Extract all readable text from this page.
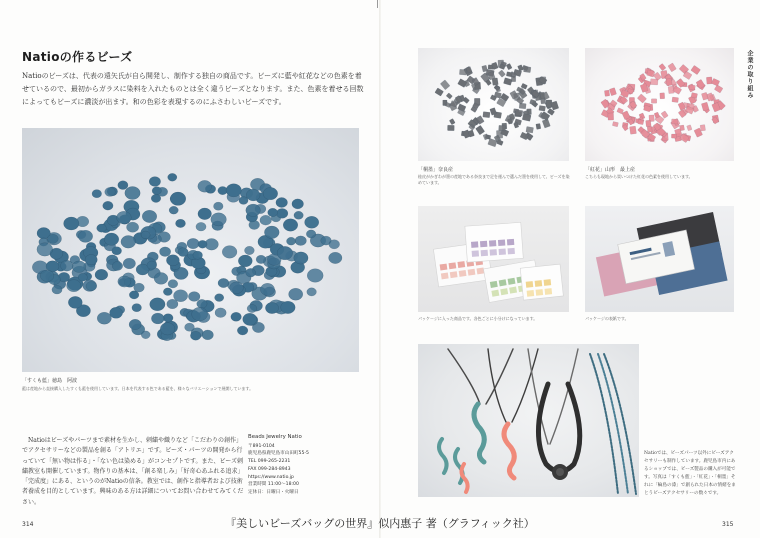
Natioの作るビーズ

Natioのビーズは、代表の遠矢氏が自ら開発し、制作する独自の商品です。ビーズに藍や紅花などの色素を着せているので、最初からガラスに染料を入れたものとは全く違うビーズとなります。また、色素を着せる回数によってもビーズに濃淡が出ます。和の色彩を表現するのにふさわしいビーズです。

「すくも藍」徳島　阿波
藍は産地から直接購入したすくも藍を使用しています。日本を代表する色である藍を、様々なバリエーションで展開しています。

Natioはビーズやパーツまで素材を生かし、刺繍や織りなど「こだわりの創作」でアクセサリーなどの製品を創る「アトリエ」です。ビーズ・パーツの開発から行っていて「無い物は作る」・「ない色は染める」がコンセプトです。また、ビーズ刺繍教室も開催しています。物作りの基本は、「創る楽しみ」「好奇心あふれる追求」「完成度」にある、というのがNatioの信条。教室では、創作と指導者および技術者養成を目的としています。興味のある方は詳細についてお問い合わせてみてください。

Beads Jewelry Natio
〒891-0104
鹿児島県鹿児島市山田町55-5
TEL 099-265-2231
FAX 099-284-8943
https://www.natio.jp
営業時間 11:00～18:00
定休日：日曜日・火曜日
314
企業の取り組み
「桐墨」奈良産
桂皮がかぎわが墨の産地である奈良まで足を運んで選んだ墨を使用して、ビーズを染めています。
「紅花」山形　最上産
こちらも現地から買いつけた紅花の色素を使用しています。
パッケージに入った商品です。各色ごとに小分けになっています。	パッケージの表紙です。

Natioでは、ビーズパーツ以外にビーズアクセサリーも制作しています。鹿児島市内にあるショップでは、ビーズ製品の購入が可能です。写真は「すくも藍」・「紅花」・「桐墨」それに「輪島の漆」で創られた日本の情緒をまとうビーズアクセサリーの数々です。

315
『美しいビーズバッグの世界』似内惠子 著（グラフィック社）
